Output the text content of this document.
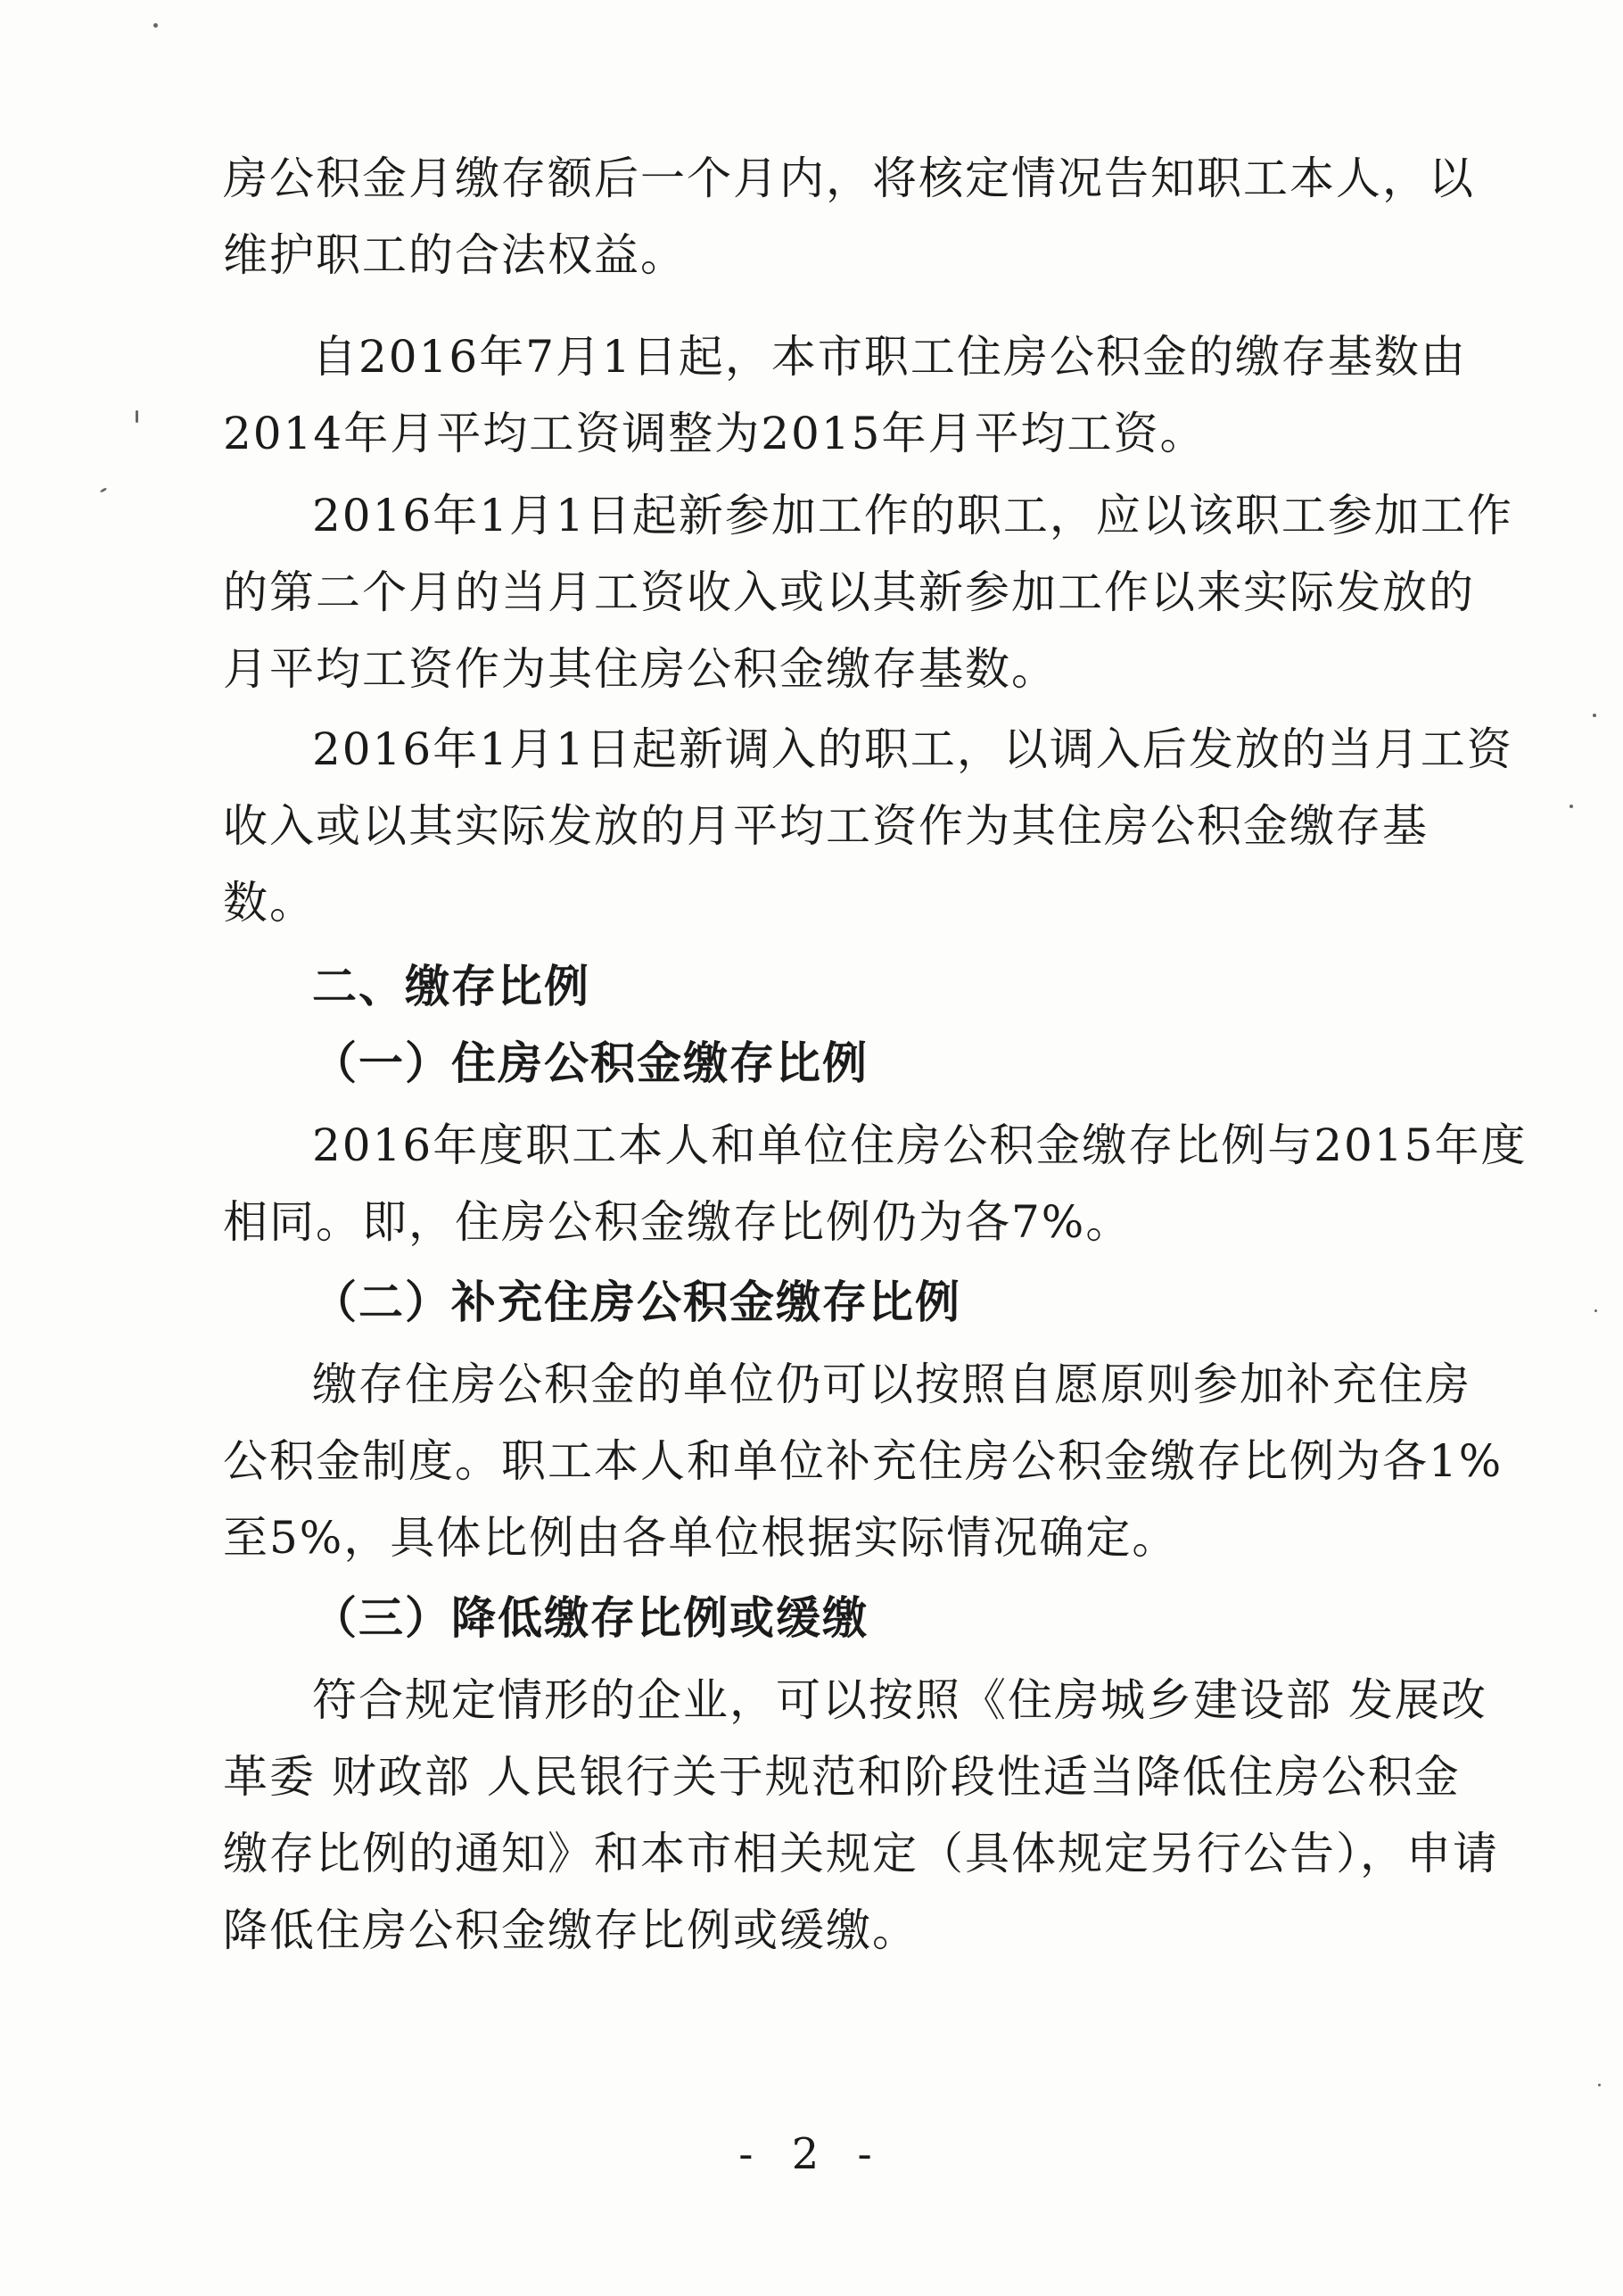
房公积金月缴存额后一个月内，将核定情况告知职工本人，以
维护职工的合法权益。
自2016年7月1日起，本市职工住房公积金的缴存基数由
2014年月平均工资调整为2015年月平均工资。
2016年1月1日起新参加工作的职工，应以该职工参加工作
的第二个月的当月工资收入或以其新参加工作以来实际发放的
月平均工资作为其住房公积金缴存基数。
2016年1月1日起新调入的职工，以调入后发放的当月工资
收入或以其实际发放的月平均工资作为其住房公积金缴存基
数。
二、缴存比例
（一）住房公积金缴存比例
2016年度职工本人和单位住房公积金缴存比例与2015年度
相同。即，住房公积金缴存比例仍为各7%。
（二）补充住房公积金缴存比例
缴存住房公积金的单位仍可以按照自愿原则参加补充住房
公积金制度。职工本人和单位补充住房公积金缴存比例为各1%
至5%，具体比例由各单位根据实际情况确定。
（三）降低缴存比例或缓缴
符合规定情形的企业，可以按照《住房城乡建设部 发展改
革委 财政部 人民银行关于规范和阶段性适当降低住房公积金
缴存比例的通知》和本市相关规定（具体规定另行公告），申请
降低住房公积金缴存比例或缓缴。
- 2 -
